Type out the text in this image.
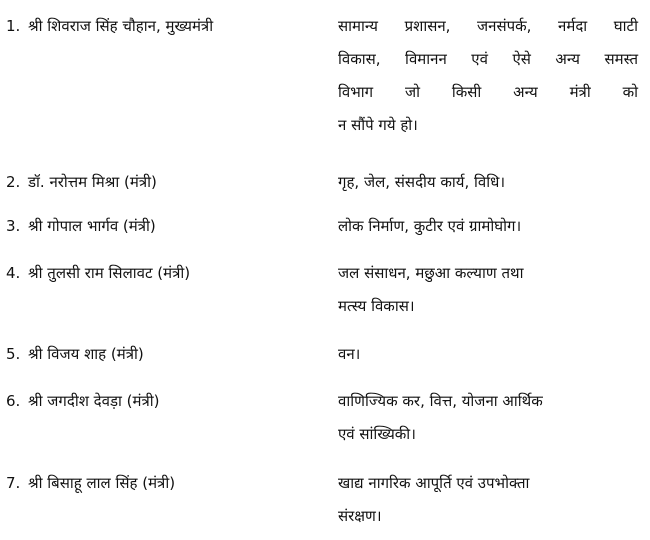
1. श्री शिवराज सिंह चौहान, मुख्यमंत्री	सामान्य प्रशासन, जनसंपर्क, नर्मदा घाटी
विकास, विमानन एवं ऐसे अन्य समस्त
विभाग जो किसी अन्य मंत्री को
न सौंपे गये हो।
2. डॉ. नरोत्तम मिश्रा (मंत्री)	गृह, जेल, संसदीय कार्य, विधि।
3. श्री गोपाल भार्गव (मंत्री)	लोक निर्माण, कुटीर एवं ग्रामोघोग।
4. श्री तुलसी राम सिलावट (मंत्री)	जल संसाधन, मछुआ कल्याण तथा
मत्स्य विकास।
5. श्री विजय शाह (मंत्री)	वन।
6. श्री जगदीश देवड़ा (मंत्री)	वाणिज्यिक कर, वित्त, योजना आर्थिक
एवं सांख्यिकी।
7. श्री बिसाहू लाल सिंह (मंत्री)	खाद्य नागरिक आपूर्ति एवं उपभोक्ता
संरक्षण।
